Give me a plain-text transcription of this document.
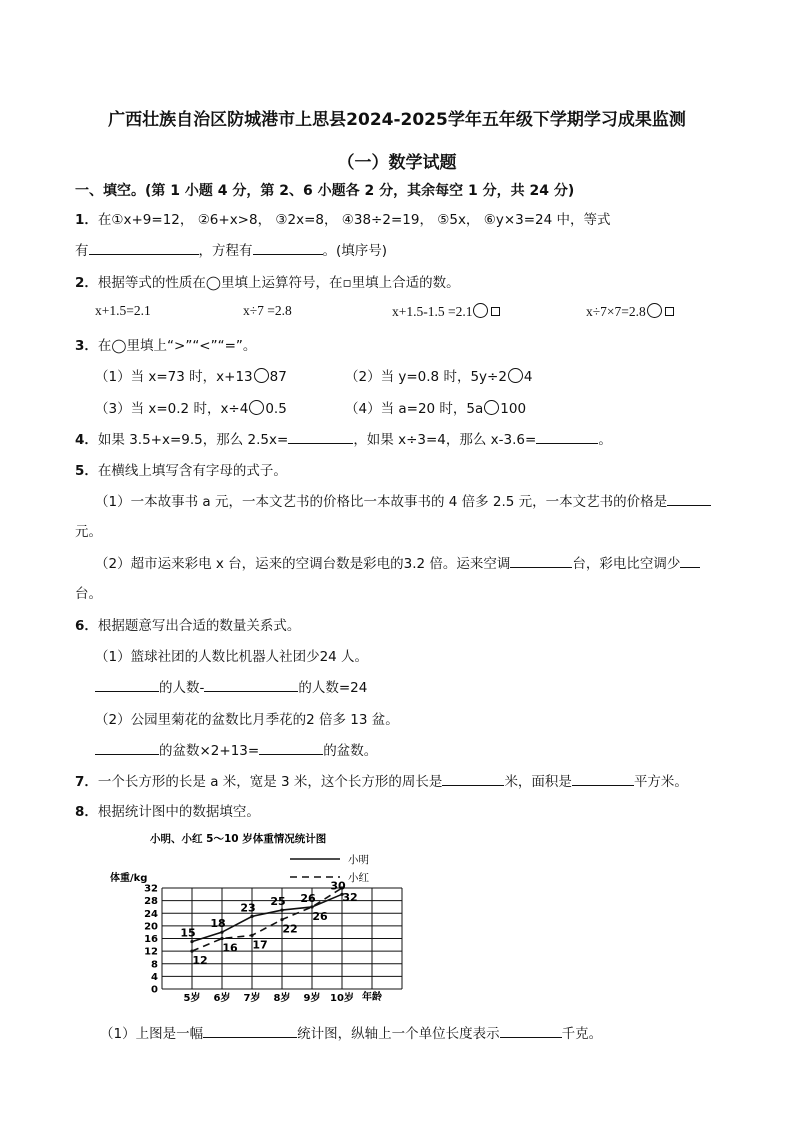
广西壮族自治区防城港市上思县2024-2025学年五年级下学期学习成果监测
（一）数学试题
一、填空。(第 1 小题 4 分，第 2、6 小题各 2 分，其余每空 1 分，共 24 分)
1．在①x+9=12， ②6+x>8， ③2x=8， ④38÷2=19， ⑤5x， ⑥y×3=24 中，等式
有	，方程有	。(填序号)
2．根据等式的性质在◯里填上运算符号，在▫里填上合适的数。
x+1.5=2.1	x÷7 =2.8	x+1.5-1.5 =2.1	x÷7×7=2.8
3．在◯里填上“>”“<”“=”。
（1）当 x=73 时，x+13 87	（2）当 y=0.8 时，5y÷2 4
（3）当 x=0.2 时，x÷4 0.5	（4）当 a=20 时，5a 100
4．如果 3.5+x=9.5，那么 2.5x=	，如果 x÷3=4，那么 x-3.6=	。
5．在横线上填写含有字母的式子。
（1）一本故事书 a 元，一本文艺书的价格比一本故事书的 4 倍多 2.5 元，一本文艺书的价格是
元。
（2）超市运来彩电 x 台，运来的空调台数是彩电的3.2 倍。运来空调	台，彩电比空调少
台。
6．根据题意写出合适的数量关系式。
（1）篮球社团的人数比机器人社团少24 人。
的人数-	的人数=24
（2）公园里菊花的盆数比月季花的2 倍多 13 盆。
的盆数×2+13=	的盆数。
7．一个长方形的长是 a 米，宽是 3 米，这个长方形的周长是	米，面积是	平方米。
8．根据统计图中的数据填空。
小明、小红 5～10 岁体重情况统计图
小明
小红
体重/kg
年龄
0
4
8
12
16
20
24
28
32
5岁 6岁 7岁 8岁 9岁 10岁
15
18
23 25 26
30
12
16 17
22
26
32
（1）上图是一幅	统计图，纵轴上一个单位长度表示	千克。
